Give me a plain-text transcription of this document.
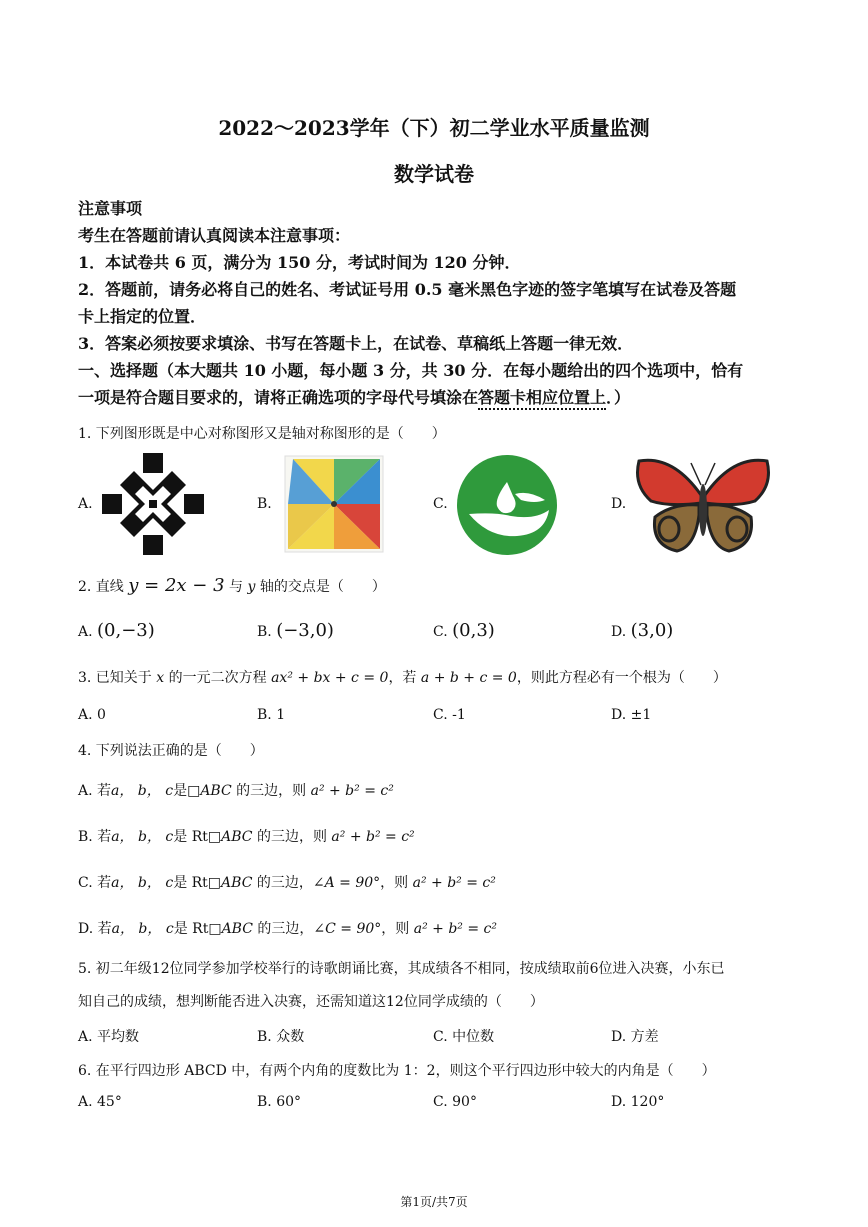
2022～2023学年（下）初二学业水平质量监测
数学试卷
注意事项
考生在答题前请认真阅读本注意事项：
1．本试卷共 6 页，满分为 150 分，考试时间为 120 分钟．
2．答题前，请务必将自己的姓名、考试证号用 0.5 毫米黑色字迹的签字笔填写在试卷及答题
卡上指定的位置．
3．答案必须按要求填涂、书写在答题卡上，在试卷、草稿纸上答题一律无效．
一、选择题（本大题共 10 小题，每小题 3 分，共 30 分．在每小题给出的四个选项中，恰有
一项是符合题目要求的，请将正确选项的字母代号填涂在答题卡相应位置上．）
1. 下列图形既是中心对称图形又是轴对称图形的是（　　）
A.	B.	C.	D.
2. 直线 y = 2x − 3 与 y 轴的交点是（　　）
A. (0,−3)	B. (−3,0)	C. (0,3)	D. (3,0)
3. 已知关于 x 的一元二次方程 ax² + bx + c = 0，若 a + b + c = 0，则此方程必有一个根为（　　）
A. 0	B. 1	C. -1	D. ±1
4. 下列说法正确的是（　　）
A. 若a， b， c是□ABC 的三边，则 a² + b² = c²
B. 若a， b， c是 Rt□ABC 的三边，则 a² + b² = c²
C. 若a， b， c是 Rt□ABC 的三边，∠A = 90°，则 a² + b² = c²
D. 若a， b， c是 Rt□ABC 的三边，∠C = 90°，则 a² + b² = c²
5. 初二年级12位同学参加学校举行的诗歌朗诵比赛，其成绩各不相同，按成绩取前6位进入决赛，小东已
知自己的成绩，想判断能否进入决赛，还需知道这12位同学成绩的（　　）
A. 平均数	B. 众数	C. 中位数	D. 方差
6. 在平行四边形 ABCD 中，有两个内角的度数比为 1：2，则这个平行四边形中较大的内角是（　　）
A. 45°	B. 60°	C. 90°	D. 120°
第1页/共7页
